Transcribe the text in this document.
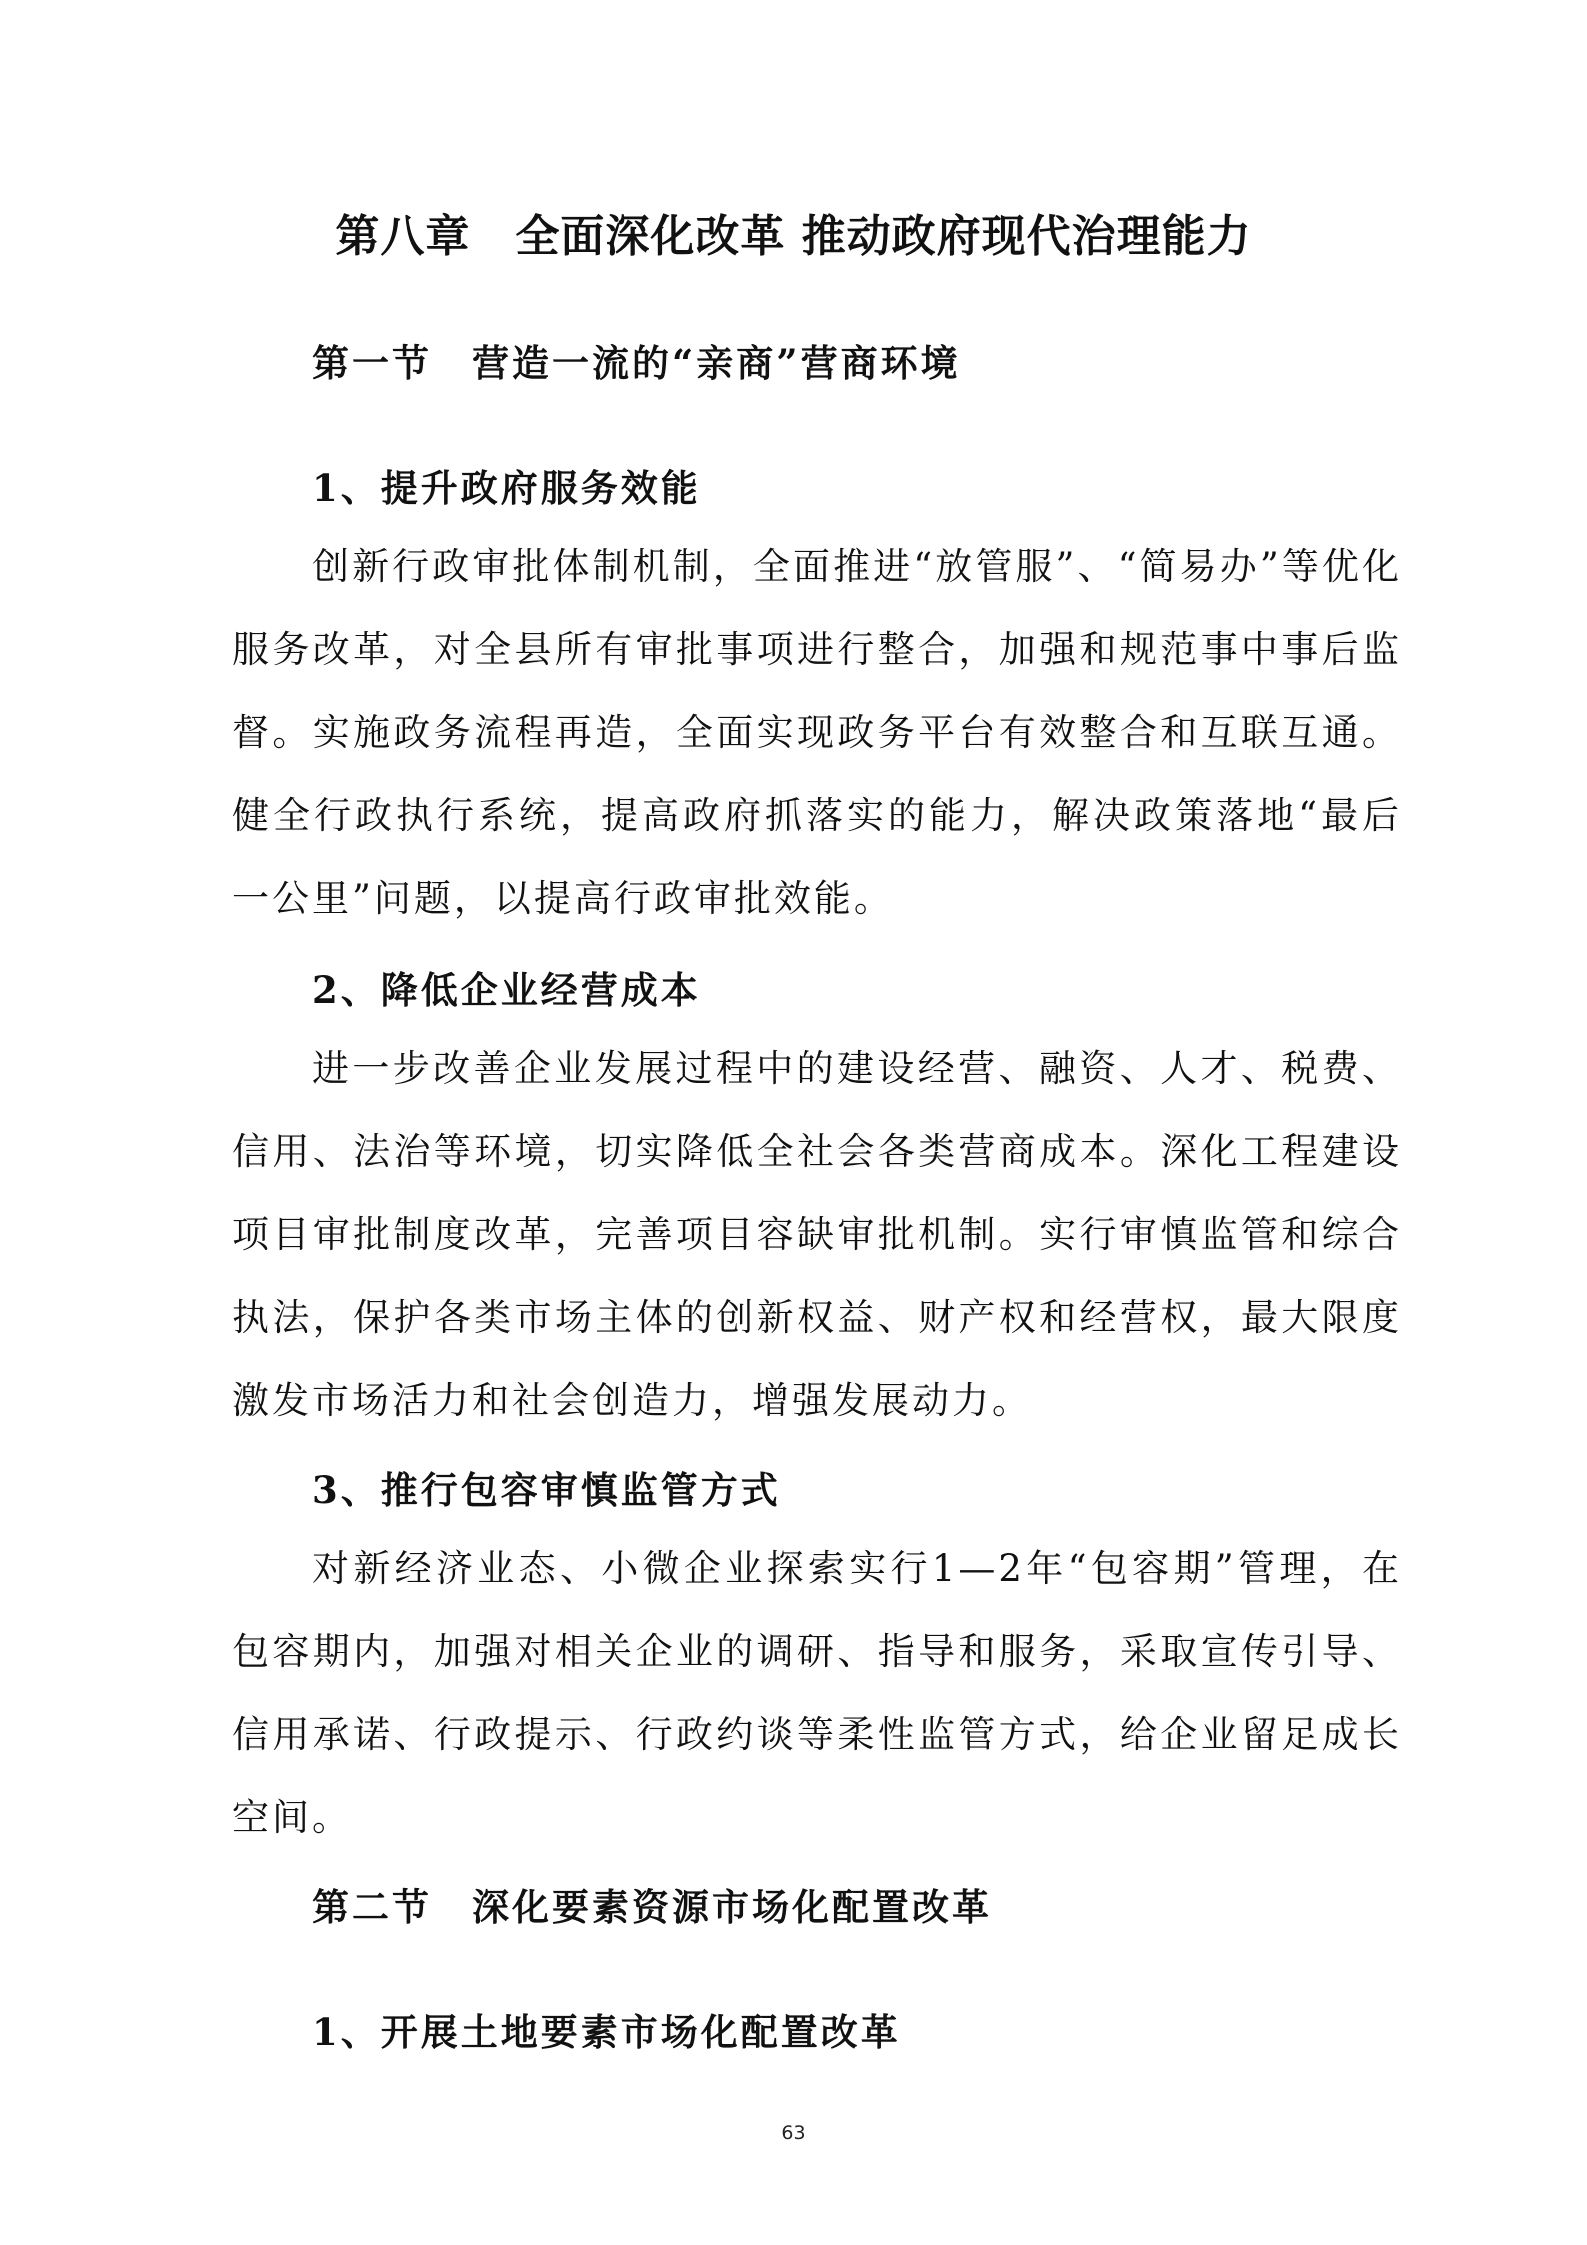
第八章　全面深化改革 推动政府现代治理能力
第一节　营造一流的“亲商”营商环境
1、提升政府服务效能

创新行政审批体制机制，全面推进“放管服”、“简易办”等优化服务改革，对全县所有审批事项进行整合，加强和规范事中事后监督。实施政务流程再造，全面实现政务平台有效整合和互联互通。健全行政执行系统，提高政府抓落实的能力，解决政策落地“最后一公里”问题，以提高行政审批效能。

2、降低企业经营成本

进一步改善企业发展过程中的建设经营、融资、人才、税费、信用、法治等环境，切实降低全社会各类营商成本。深化工程建设项目审批制度改革，完善项目容缺审批机制。实行审慎监管和综合执法，保护各类市场主体的创新权益、财产权和经营权，最大限度激发市场活力和社会创造力，增强发展动力。

3、推行包容审慎监管方式

对新经济业态、小微企业探索实行1—2年“包容期”管理，在包容期内，加强对相关企业的调研、指导和服务，采取宣传引导、信用承诺、行政提示、行政约谈等柔性监管方式，给企业留足成长空间。

第二节　深化要素资源市场化配置改革
1、开展土地要素市场化配置改革
63
